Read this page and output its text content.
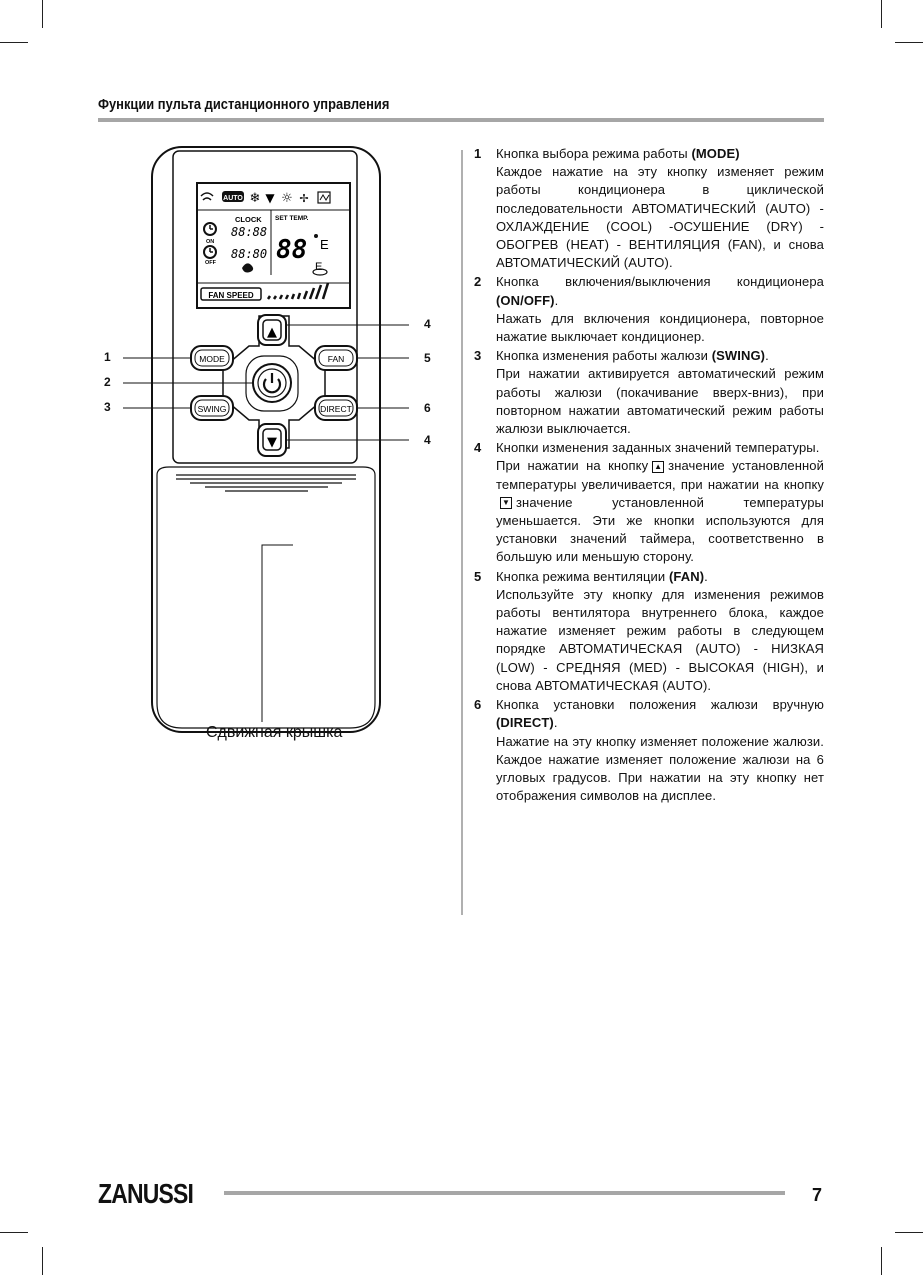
Функции пульта дистанционного управления
AUTO ❄ ▼ ☼ ✢
CLOCK SET TEMP.
ON
OFF
88:88
88:80 88 E
E
FAN SPEED
▲
▼
MODE	FAN
SWING	DIRECT
1
2
3
4
5
6
4
Сдвижная крышка
1	Кнопка выбора режима работы (MODE)
Каждое нажатие на эту кнопку изменяет режим работы кондиционера в циклической последовательности АВТОМАТИЧЕСКИЙ (AUTO) - ОХЛАЖДЕНИЕ (COOL) -ОСУШЕНИЕ (DRY) - ОБОГРЕВ (HEAT) - ВЕНТИЛЯЦИЯ (FAN), и снова АВТОМАТИЧЕСКИЙ (AUTO).
2	Кнопка включения/выключения кондиционера (ON/OFF).
Нажать для включения кондиционера, повторное нажатие выключает кондиционер.
3	Кнопка изменения работы жалюзи (SWING).
При нажатии активируется автоматический режим работы жалюзи (покачивание вверх-вниз), при повторном нажатии автоматический режим работы жалюзи выключается.
4	Кнопки изменения заданных значений температуры.
При нажатии на кнопку ▲ значение установленной температуры увеличивается, при нажатии на кнопку▼ значение установленной температуры уменьшается. Эти же кнопки используются для установки значений таймера, соответственно в большую или меньшую сторону.
5	Кнопка режима вентиляции (FAN).
Используйте эту кнопку для изменения режимов работы вентилятора внутреннего блока, каждое нажатие изменяет режим работы в следующем порядке АВТОМАТИЧЕСКАЯ (AUTO) - НИЗКАЯ (LOW) - СРЕДНЯЯ (MED) - ВЫСОКАЯ (HIGH), и снова АВТОМАТИЧЕСКАЯ (AUTO).
6	Кнопка установки положения жалюзи вручную (DIRECT).
Нажатие на эту кнопку изменяет положение жалюзи. Каждое нажатие изменяет положение жалюзи на 6 угловых градусов. При нажатии на эту кнопку нет отображения символов на дисплее.
ZANUSSI	7
